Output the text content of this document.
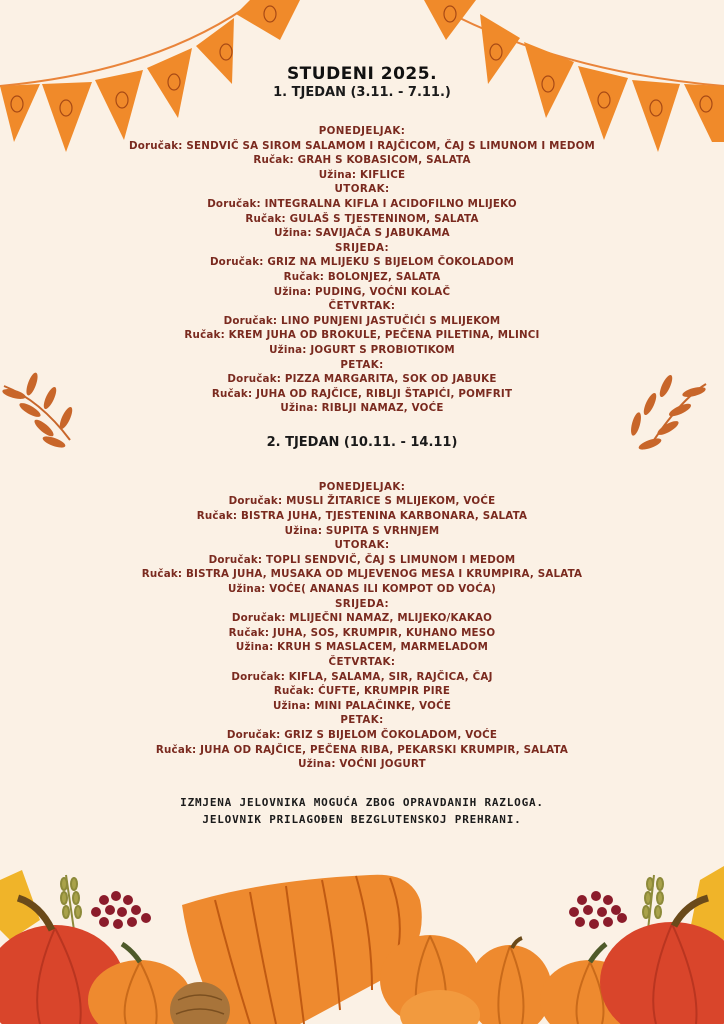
STUDENI 2025.
1. TJEDAN (3.11. - 7.11.)
PONEDJELJAK:
Doručak: SENDVIČ SA SIROM SALAMOM I RAJČICOM, ČAJ S LIMUNOM I MEDOM
Ručak: GRAH S KOBASICOM, SALATA
Užina: KIFLICE
UTORAK:
Doručak: INTEGRALNA KIFLA I ACIDOFILNO MLIJEKO
Ručak: GULAŠ S TJESTENINOM, SALATA
Užina: SAVIJAČA S JABUKAMA
SRIJEDA:
Doručak: GRIZ NA MLIJEKU S BIJELOM ČOKOLADOM
Ručak: BOLONJEZ, SALATA
Užina: PUDING, VOĆNI KOLAČ
ČETVRTAK:
Doručak: LINO PUNJENI JASTUČIĆI S MLIJEKOM
Ručak: KREM JUHA OD BROKULE, PEČENA PILETINA, MLINCI
Užina: JOGURT S PROBIOTIKOM
PETAK:
Doručak: PIZZA MARGARITA, SOK OD JABUKE
Ručak: JUHA OD RAJČICE, RIBLJI ŠTAPIĆI, POMFRIT
Užina: RIBLJI NAMAZ, VOĆE
2. TJEDAN (10.11. - 14.11)
PONEDJELJAK:
Doručak: MUSLI ŽITARICE S MLIJEKOM, VOĆE
Ručak: BISTRA JUHA, TJESTENINA KARBONARA, SALATA
Užina: SUPITA S VRHNJEM
UTORAK:
Doručak: TOPLI SENDVIČ, ČAJ S LIMUNOM I MEDOM
Ručak: BISTRA JUHA, MUSAKA OD MLJEVENOG MESA I KRUMPIRA, SALATA
Užina: VOĆE( ANANAS ILI KOMPOT OD VOĆA)
SRIJEDA:
Doručak: MLIJEČNI NAMAZ, MLIJEKO/KAKAO
Ručak: JUHA, SOS, KRUMPIR, KUHANO MESO
Užina: KRUH S MASLACEM, MARMELADOM
ČETVRTAK:
Doručak: KIFLA, SALAMA, SIR, RAJČICA, ČAJ
Ručak: ĆUFTE, KRUMPIR PIRE
Užina: MINI PALAČINKE, VOĆE
PETAK:
Doručak: GRIZ S BIJELOM ČOKOLADOM, VOĆE
Ručak: JUHA OD RAJČICE, PEČENA RIBA, PEKARSKI KRUMPIR, SALATA
Užina: VOĆNI JOGURT
IZMJENA JELOVNIKA MOGUĆA ZBOG OPRAVDANIH RAZLOGA.
JELOVNIK PRILAGOĐEN BEZGLUTENSKOJ PREHRANI.
